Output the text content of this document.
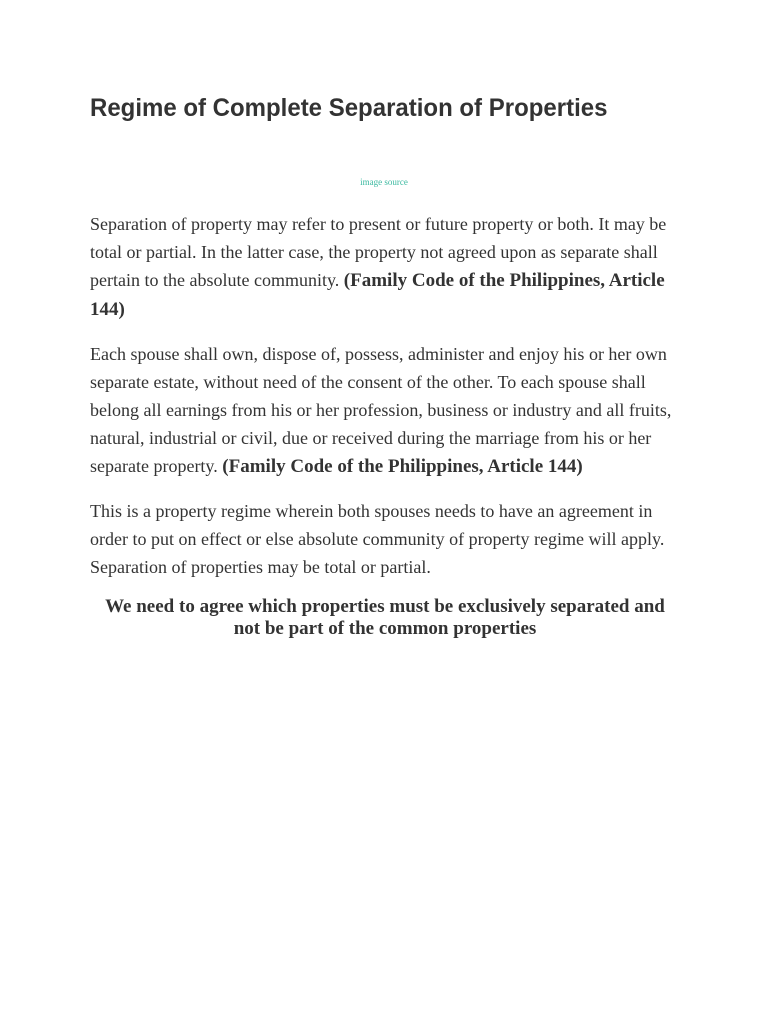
Regime of Complete Separation of Properties
image source

Separation of property may refer to present or future property or both. It may be total or partial. In the latter case, the property not agreed upon as separate shall pertain to the absolute community. (Family Code of the Philippines, Article 144)

Each spouse shall own, dispose of, possess, administer and enjoy his or her own separate estate, without need of the consent of the other. To each spouse shall belong all earnings from his or her profession, business or industry and all fruits, natural, industrial or civil, due or received during the marriage from his or her separate property. (Family Code of the Philippines, Article 144)

This is a property regime wherein both spouses needs to have an agreement in order to put on effect or else absolute community of property regime will apply. Separation of properties may be total or partial.

We need to agree which properties must be exclusively separated and not be part of the common properties
